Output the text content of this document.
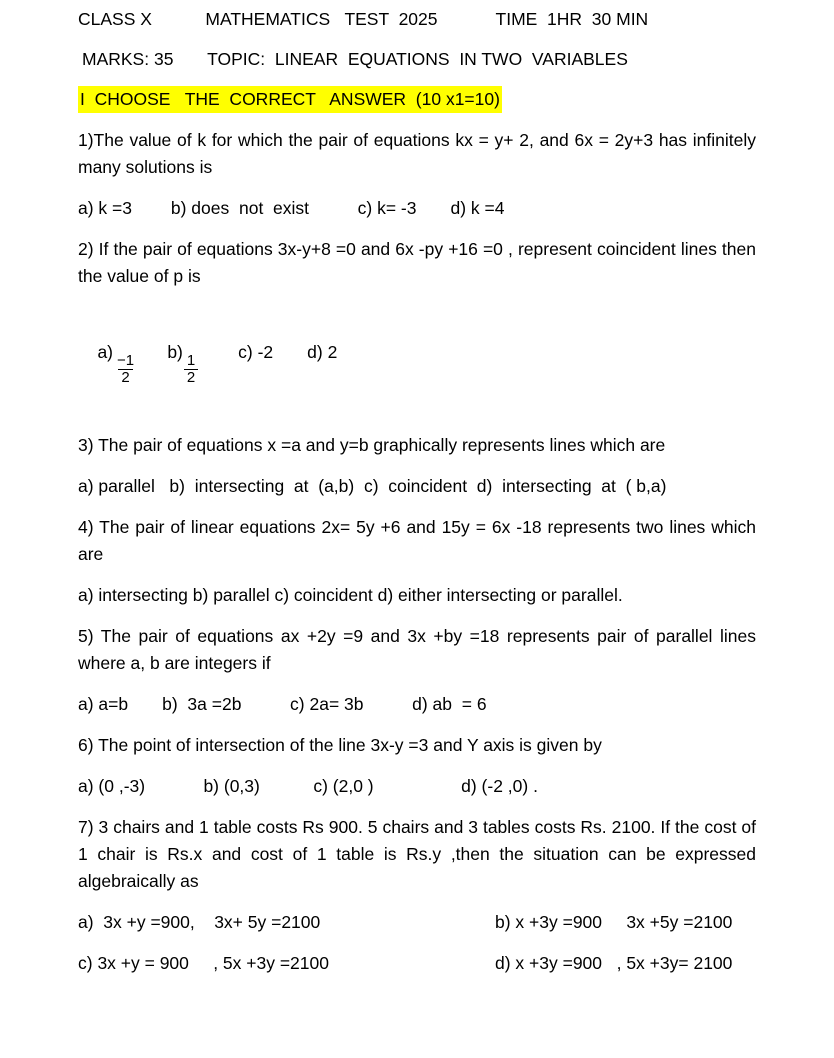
CLASS X           MATHEMATICS   TEST  2025            TIME  1HR  30 MIN
MARKS: 35       TOPIC:  LINEAR  EQUATIONS  IN TWO  VARIABLES
I  CHOOSE   THE  CORRECT   ANSWER  (10 x1=10)
1)The value of k for which the pair of equations kx = y+ 2, and 6x = 2y+3 has infinitely many solutions is
a) k =3        b) does  not  exist          c) k= -3       d) k =4
2) If the pair of equations 3x-y+8 =0 and 6x -py +16 =0 , represent coincident lines then the value of p is

a)
$\frac{-1}{2}$
b)
$\frac{1}{2}$
c) -2 d) 2

3) The pair of equations x =a and y=b graphically represents lines which are
a) parallel   b)  intersecting  at  (a,b)  c)  coincident  d)  intersecting  at  ( b,a)
4) The pair of linear equations 2x= 5y +6 and 15y = 6x -18 represents two lines which are
a) intersecting b) parallel c) coincident d) either intersecting or parallel.
5) The pair of equations ax +2y =9 and 3x +by =18 represents pair of parallel lines where a, b are integers if
a) a=b       b)  3a =2b          c) 2a= 3b          d) ab  = 6
6) The point of intersection of the line 3x-y =3 and Y axis is given by
a) (0 ,-3)            b) (0,3)           c) (2,0 )                  d) (-2 ,0) .
7) 3 chairs and 1 table costs Rs 900. 5 chairs and 3 tables costs Rs. 2100. If the cost of 1 chair is Rs.x and cost of 1 table is Rs.y ,then the situation can be expressed algebraically as

a)  3x +y =900,    3x+ 5y =2100

	b) x +3y =900     3x +5y =2100

c) 3x +y = 900     , 5x +3y =2100

	d) x +3y =900   , 5x +3y= 2100
